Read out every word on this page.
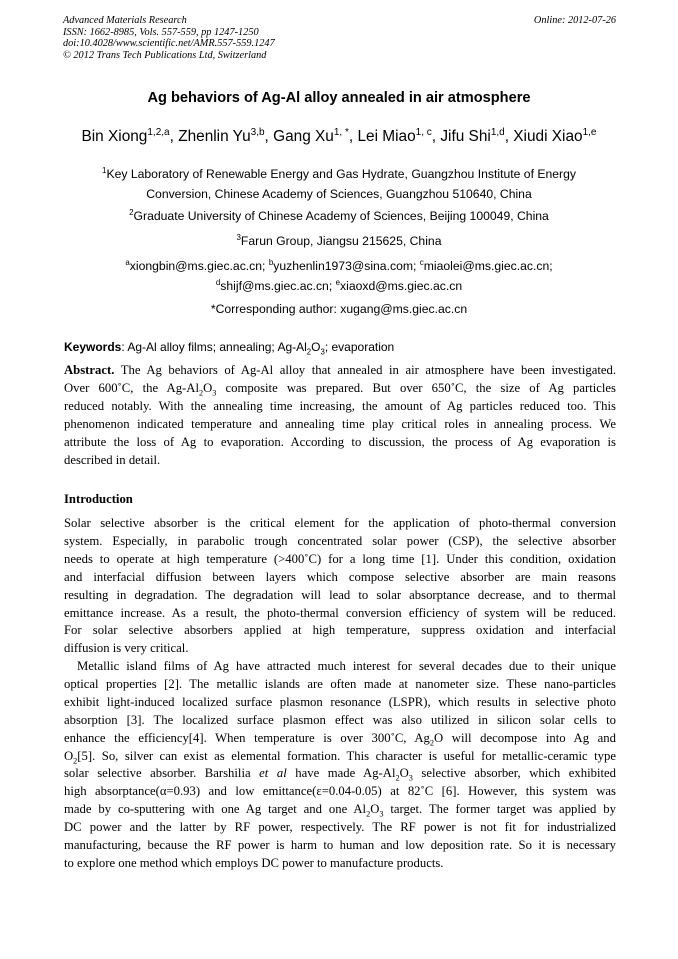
Advanced Materials Research
ISSN: 1662-8985, Vols. 557-559, pp 1247-1250
doi:10.4028/www.scientific.net/AMR.557-559.1247
© 2012 Trans Tech Publications Ltd, Switzerland
Online: 2012-07-26
Ag behaviors of Ag-Al alloy annealed in air atmosphere
Bin Xiong$^{1,2,a}$, Zhenlin Yu$^{3,b}$, Gang $Xu^{1, *}$, Lei Miao$^{1, c}$, Jifu Shi$^{1,d}$, Xiudi Xiao$^{1,e}$
$^1$Key Laboratory of Renewable Energy and Gas Hydrate, Guangzhou Institute of Energy
Conversion, Chinese Academy of Sciences, Guangzhou 510640, China
$^2$Graduate University of Chinese Academy of Sciences, Beijing 100049, China
$^3$Farun Group, Jiangsu 215625, China
$^a$xiongbin@ms.giec.ac.cn; $^b$yuzhenlin1973@sina.com; $^c$miaolei@ms.giec.ac.cn;
$^d$shijf@ms.giec.ac.cn; $^e$xiaoxd@ms.giec.ac.cn
*Corresponding author: xugang@ms.giec.ac.cn
Keywords: Ag-Al alloy films; annealing; $Ag-Al_2O_3$; evaporation
Abstract. The Ag behaviors of Ag-Al alloy that annealed in air atmosphere have been investigated.
Over 600˚C, the $Ag-Al_2O_3$ composite was prepared. But over 650˚C, the size of Ag particles
reduced notably. With the annealing time increasing, the amount of Ag particles reduced too. This
phenomenon indicated temperature and annealing time play critical roles in annealing process. We
attribute the loss of Ag to evaporation. According to discussion, the process of Ag evaporation is
described in detail.
Introduction
Solar selective absorber is the critical element for the application of photo-thermal conversion
system. Especially, in parabolic trough concentrated solar power (CSP), the selective absorber
needs to operate at high temperature (>400˚C) for a long time [1]. Under this condition, oxidation
and interfacial diffusion between layers which compose selective absorber are main reasons
resulting in degradation. The degradation will lead to solar absorptance decrease, and to thermal
emittance increase. As a result, the photo-thermal conversion efficiency of system will be reduced.
For solar selective absorbers applied at high temperature, suppress oxidation and interfacial
diffusion is very critical.
Metallic island films of Ag have attracted much interest for several decades due to their unique
optical properties [2]. The metallic islands are often made at nanometer size. These nano-particles
exhibit light-induced localized surface plasmon resonance (LSPR), which results in selective photo
absorption [3]. The localized surface plasmon effect was also utilized in silicon solar cells to
enhance the efficiency[4]. When temperature is over 300˚C, $Ag_2O$ will decompose into Ag and
$O_2[5]$. So, silver can exist as elemental formation. This character is useful for metallic-ceramic type
solar selective absorber. Barshilia et al have made $Ag-Al_2O_3$ selective absorber, which exhibited
high absorptance(α=0.93) and low emittance(ε=0.04-0.05) at 82˚C [6]. However, this system was
made by co-sputtering with one Ag target and one $Al_2O_3$ target. The former target was applied by
DC power and the latter by RF power, respectively. The RF power is not fit for industrialized
manufacturing, because the RF power is harm to human and low deposition rate. So it is necessary
to explore one method which employs DC power to manufacture products.
